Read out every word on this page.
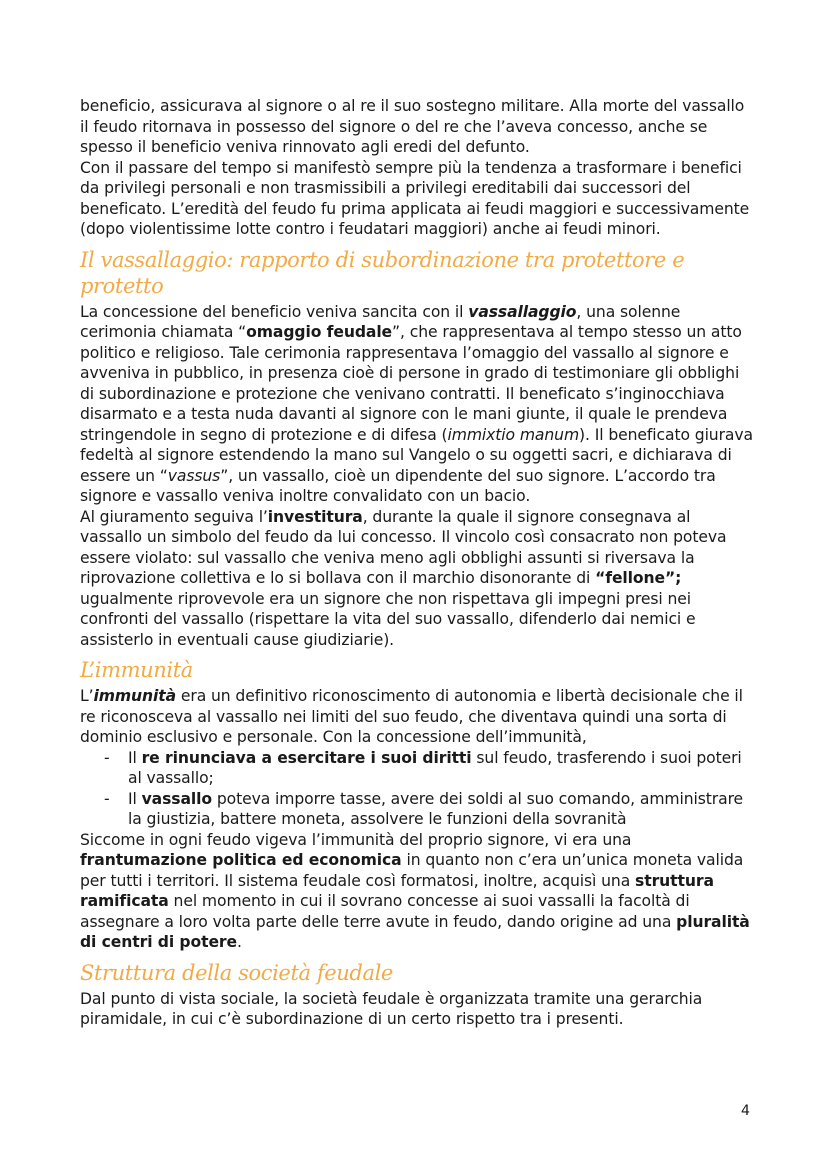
beneficio, assicurava al signore o al re il suo sostegno militare. Alla morte del vassallo il feudo ritornava in possesso del signore o del re che l’aveva concesso, anche se spesso il beneficio veniva rinnovato agli eredi del defunto.

Con il passare del tempo si manifestò sempre più la tendenza a trasformare i benefici da privilegi personali e non trasmissibili a privilegi ereditabili dai successori del beneficato. L’eredità del feudo fu prima applicata ai feudi maggiori e successivamente (dopo violentissime lotte contro i feudatari maggiori) anche ai feudi minori.

Il vassallaggio: rapporto di subordinazione tra protettore e protetto

La concessione del beneficio veniva sancita con il vassallaggio, una solenne cerimonia chiamata “omaggio feudale”, che rappresentava al tempo stesso un atto politico e religioso. Tale cerimonia rappresentava l’omaggio del vassallo al signore e avveniva in pubblico, in presenza cioè di persone in grado di testimoniare gli obblighi di subordinazione e protezione che venivano contratti. Il beneficato s’inginocchiava disarmato e a testa nuda davanti al signore con le mani giunte, il quale le prendeva stringendole in segno di protezione e di difesa (immixtio manum). Il beneficato giurava fedeltà al signore estendendo la mano sul Vangelo o su oggetti sacri, e dichiarava di essere un “vassus”, un vassallo, cioè un dipendente del suo signore. L’accordo tra signore e vassallo veniva inoltre convalidato con un bacio.

Al giuramento seguiva l’investitura, durante la quale il signore consegnava al vassallo un simbolo del feudo da lui concesso. Il vincolo così consacrato non poteva essere violato: sul vassallo che veniva meno agli obblighi assunti si riversava la riprovazione collettiva e lo si bollava con il marchio disonorante di “fellone”; ugualmente riprovevole era un signore che non rispettava gli impegni presi nei confronti del vassallo (rispettare la vita del suo vassallo, difenderlo dai nemici e assisterlo in eventuali cause giudiziarie).

L’immunità

L’immunità era un definitivo riconoscimento di autonomia e libertà decisionale che il re riconosceva al vassallo nei limiti del suo feudo, che diventava quindi una sorta di dominio esclusivo e personale. Con la concessione dell’immunità,

- Il re rinunciava a esercitare i suoi diritti sul feudo, trasferendo i suoi poteri al vassallo;
- Il vassallo poteva imporre tasse, avere dei soldi al suo comando, amministrare la giustizia, battere moneta, assolvere le funzioni della sovranità

Siccome in ogni feudo vigeva l’immunità del proprio signore, vi era una frantumazione politica ed economica in quanto non c’era un’unica moneta valida per tutti i territori. Il sistema feudale così formatosi, inoltre, acquisì una struttura ramificata nel momento in cui il sovrano concesse ai suoi vassalli la facoltà di assegnare a loro volta parte delle terre avute in feudo, dando origine ad una pluralità di centri di potere.

Struttura della società feudale

Dal punto di vista sociale, la società feudale è organizzata tramite una gerarchia piramidale, in cui c’è subordinazione di un certo rispetto tra i presenti.

4
